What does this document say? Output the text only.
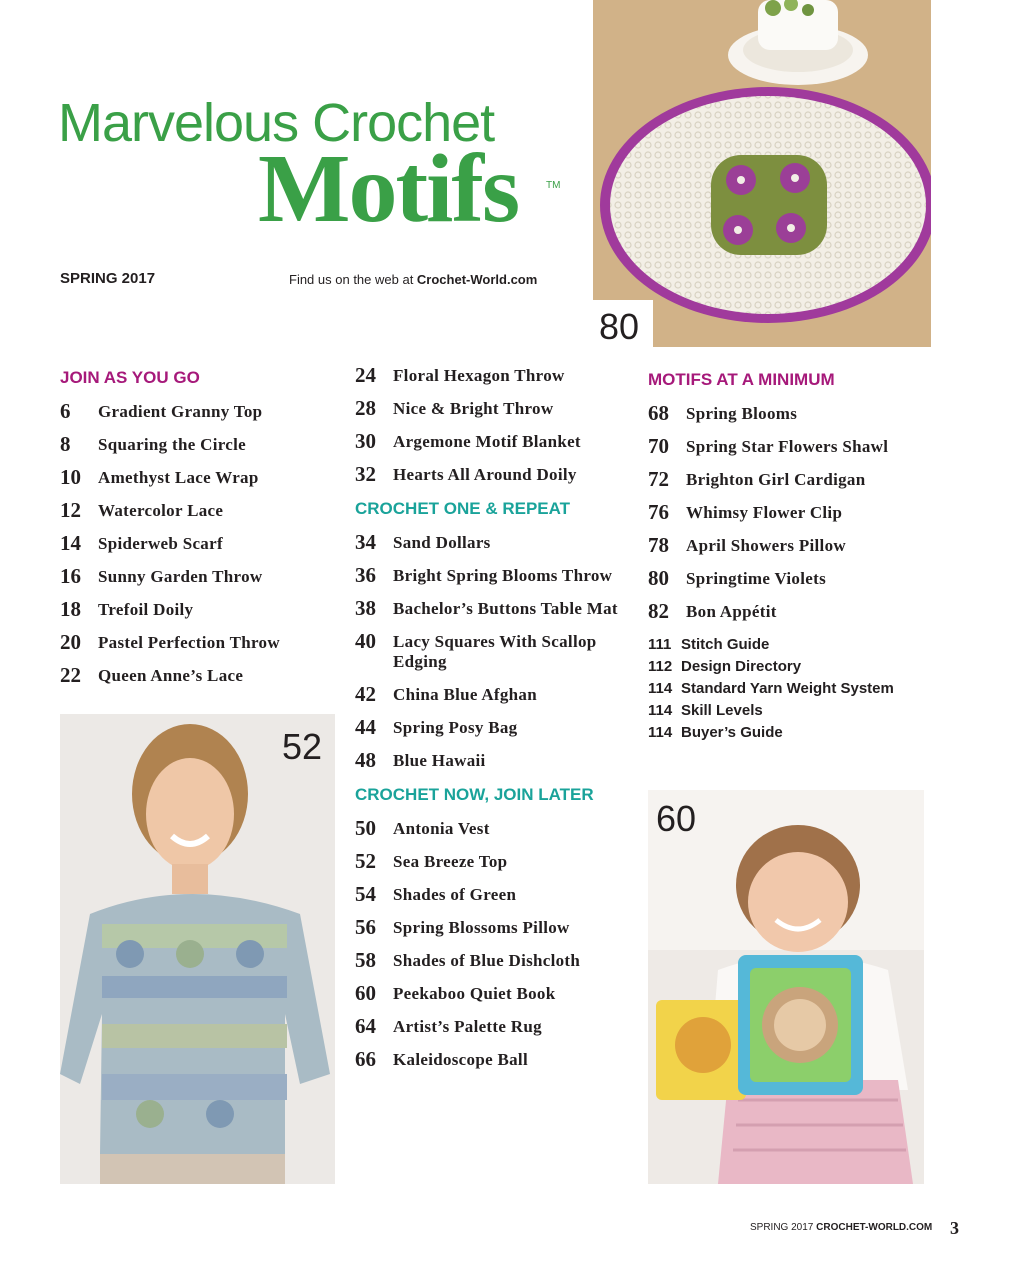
Marvelous Crochet
Motifs	TM
SPRING 2017	Find us on the web at Crochet-World.com
80
JOIN AS YOU GO
6	Gradient Granny Top
8	Squaring the Circle
10	Amethyst Lace Wrap
12	Watercolor Lace
14	Spiderweb Scarf
16	Sunny Garden Throw
18	Trefoil Doily
20	Pastel Perfection Throw
22	Queen Anne’s Lace
52
24	Floral Hexagon Throw
28	Nice & Bright Throw
30	Argemone Motif Blanket
32	Hearts All Around Doily
CROCHET ONE & REPEAT
34	Sand Dollars
36	Bright Spring Blooms Throw
38	Bachelor’s Buttons Table Mat
40	Lacy Squares With Scallop Edging
42	China Blue Afghan
44	Spring Posy Bag
48	Blue Hawaii
CROCHET NOW, JOIN LATER
50	Antonia Vest
52	Sea Breeze Top
54	Shades of Green
56	Spring Blossoms Pillow
58	Shades of Blue Dishcloth
60	Peekaboo Quiet Book
64	Artist’s Palette Rug
66	Kaleidoscope Ball
MOTIFS AT A MINIMUM
68	Spring Blooms
70	Spring Star Flowers Shawl
72	Brighton Girl Cardigan
76	Whimsy Flower Clip
78	April Showers Pillow
80	Springtime Violets
82	Bon Appétit
111 Stitch Guide
112 Design Directory
114 Standard Yarn Weight System
114 Skill Levels
114 Buyer’s Guide
60
SPRING 2017 CROCHET-WORLD.COM 3
